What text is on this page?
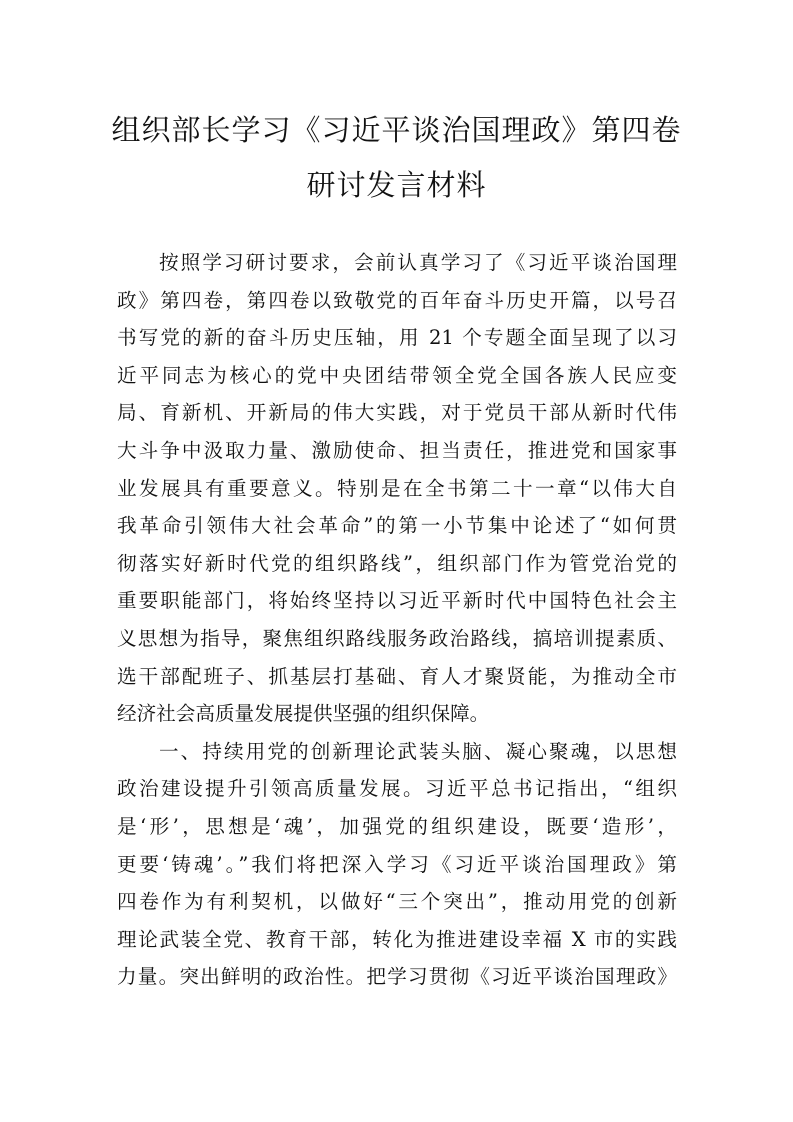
组织部长学习《习近平谈治国理政》第四卷
研讨发言材料
按照学习研讨要求，会前认真学习了《习近平谈治国理
政》第四卷，第四卷以致敬党的百年奋斗历史开篇，以号召
书写党的新的奋斗历史压轴，用 21 个专题全面呈现了以习
近平同志为核心的党中央团结带领全党全国各族人民应变
局、育新机、开新局的伟大实践，对于党员干部从新时代伟
大斗争中汲取力量、激励使命、担当责任，推进党和国家事
业发展具有重要意义。特别是在全书第二十一章“以伟大自
我革命引领伟大社会革命”的第一小节集中论述了“如何贯
彻落实好新时代党的组织路线”，组织部门作为管党治党的
重要职能部门，将始终坚持以习近平新时代中国特色社会主
义思想为指导，聚焦组织路线服务政治路线，搞培训提素质、
选干部配班子、抓基层打基础、育人才聚贤能，为推动全市
经济社会高质量发展提供坚强的组织保障。
一、持续用党的创新理论武装头脑、凝心聚魂，以思想
政治建设提升引领高质量发展。习近平总书记指出，“组织
是‘形’，思想是‘魂’，加强党的组织建设，既要‘造形’，
更要‘铸魂’。”我们将把深入学习《习近平谈治国理政》第
四卷作为有利契机，以做好“三个突出”，推动用党的创新
理论武装全党、教育干部，转化为推进建设幸福 X 市的实践
力量。突出鲜明的政治性。把学习贯彻《习近平谈治国理政》
